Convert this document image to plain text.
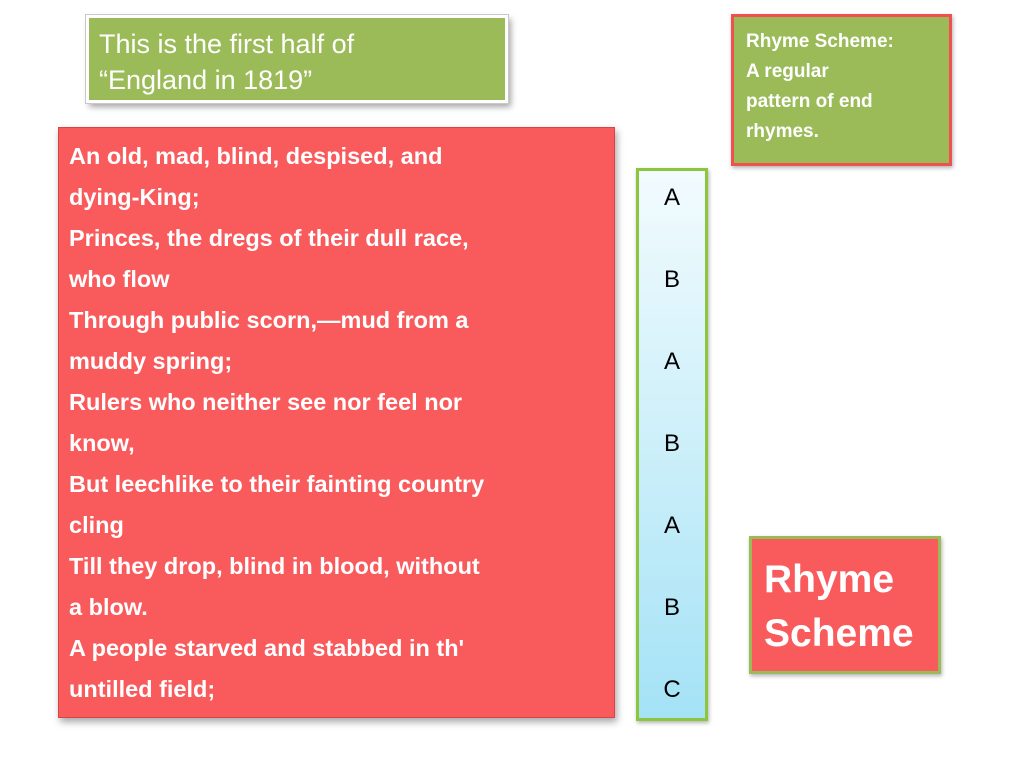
This is the first half of
“England in 1819”
Rhyme Scheme:
A regular
pattern of end
rhymes.
An old, mad, blind, despised, and
dying-King;
Princes, the dregs of their dull race,
who flow
Through public scorn,—mud from a
muddy spring;
Rulers who neither see nor feel nor
know,
But leechlike to their fainting country
cling
Till they drop, blind in blood, without
a blow.
A people starved and stabbed in th'
untilled field;
A
B
A
B
A
B
C
Rhyme
Scheme
